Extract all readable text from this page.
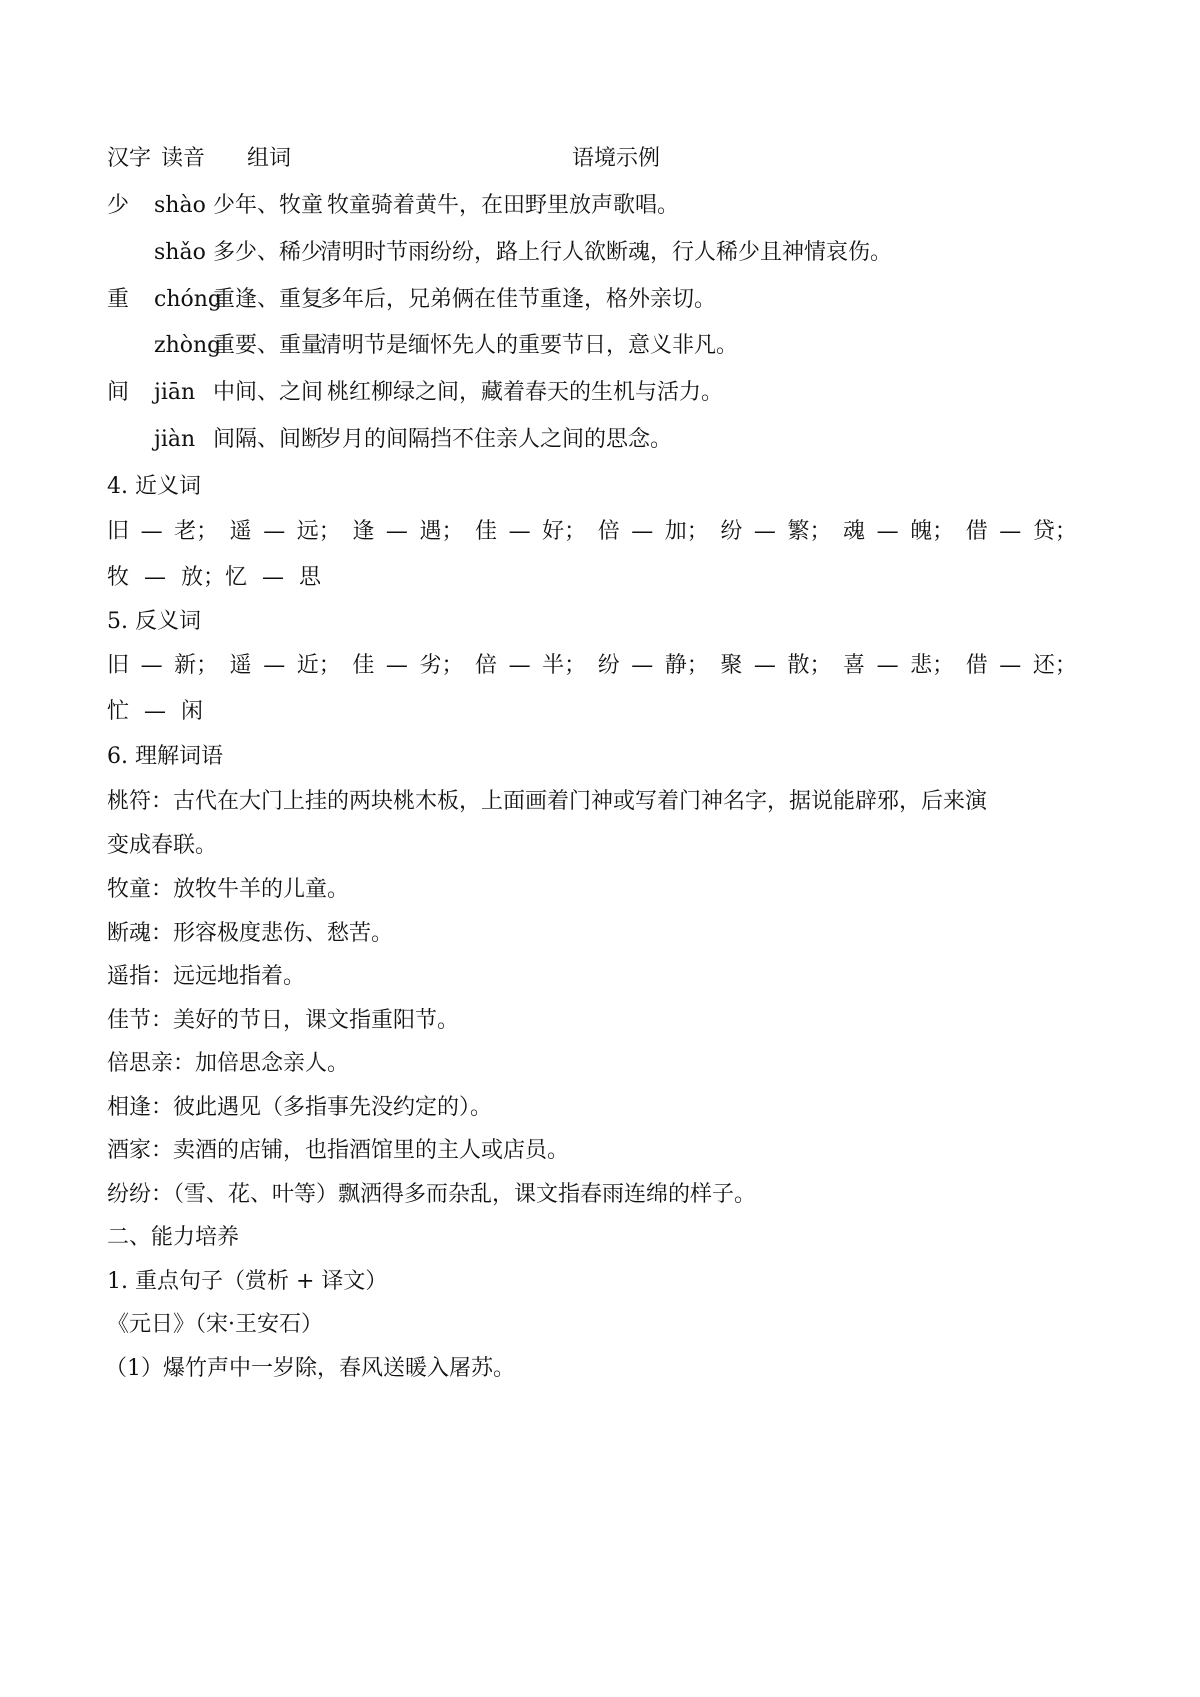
汉字 读音 组词	语境示例
少 shào 少年、牧童 牧童骑着黄牛，在田野里放声歌唱。
shǎo 多少、稀少
清明时节雨纷纷，路上行人欲断魂，行人稀少且神情哀伤。
重 chóng
重逢、重复
多年后，兄弟俩在佳节重逢，格外亲切。
zhòng
重要、重量
清明节是缅怀先人的重要节日，意义非凡。
间 jiān 中间、之间 桃红柳绿之间，藏着春天的生机与活力。
jiàn 间隔、间断
岁月的间隔挡不住亲人之间的思念。
4. 近义词
旧 — 老； 遥 — 远； 逢 — 遇； 佳 — 好； 倍 — 加； 纷 — 繁； 魂 — 魄； 借 — 贷；
牧 — 放；忆 — 思
5. 反义词
旧 — 新； 遥 — 近； 佳 — 劣； 倍 — 半； 纷 — 静； 聚 — 散； 喜 — 悲； 借 — 还；
忙 — 闲
6. 理解词语
桃符：古代在大门上挂的两块桃木板，上面画着门神或写着门神名字，据说能辟邪，后来演
变成春联。
牧童：放牧牛羊的儿童。
断魂：形容极度悲伤、愁苦。
遥指：远远地指着。
佳节：美好的节日，课文指重阳节。
倍思亲：加倍思念亲人。
相逢：彼此遇见（多指事先没约定的）。
酒家：卖酒的店铺，也指酒馆里的主人或店员。
纷纷：（雪、花、叶等）飘洒得多而杂乱，课文指春雨连绵的样子。
二、能力培养
1. 重点句子（赏析 + 译文）
《元日》（宋·王安石）
（1）爆竹声中一岁除，春风送暖入屠苏。
